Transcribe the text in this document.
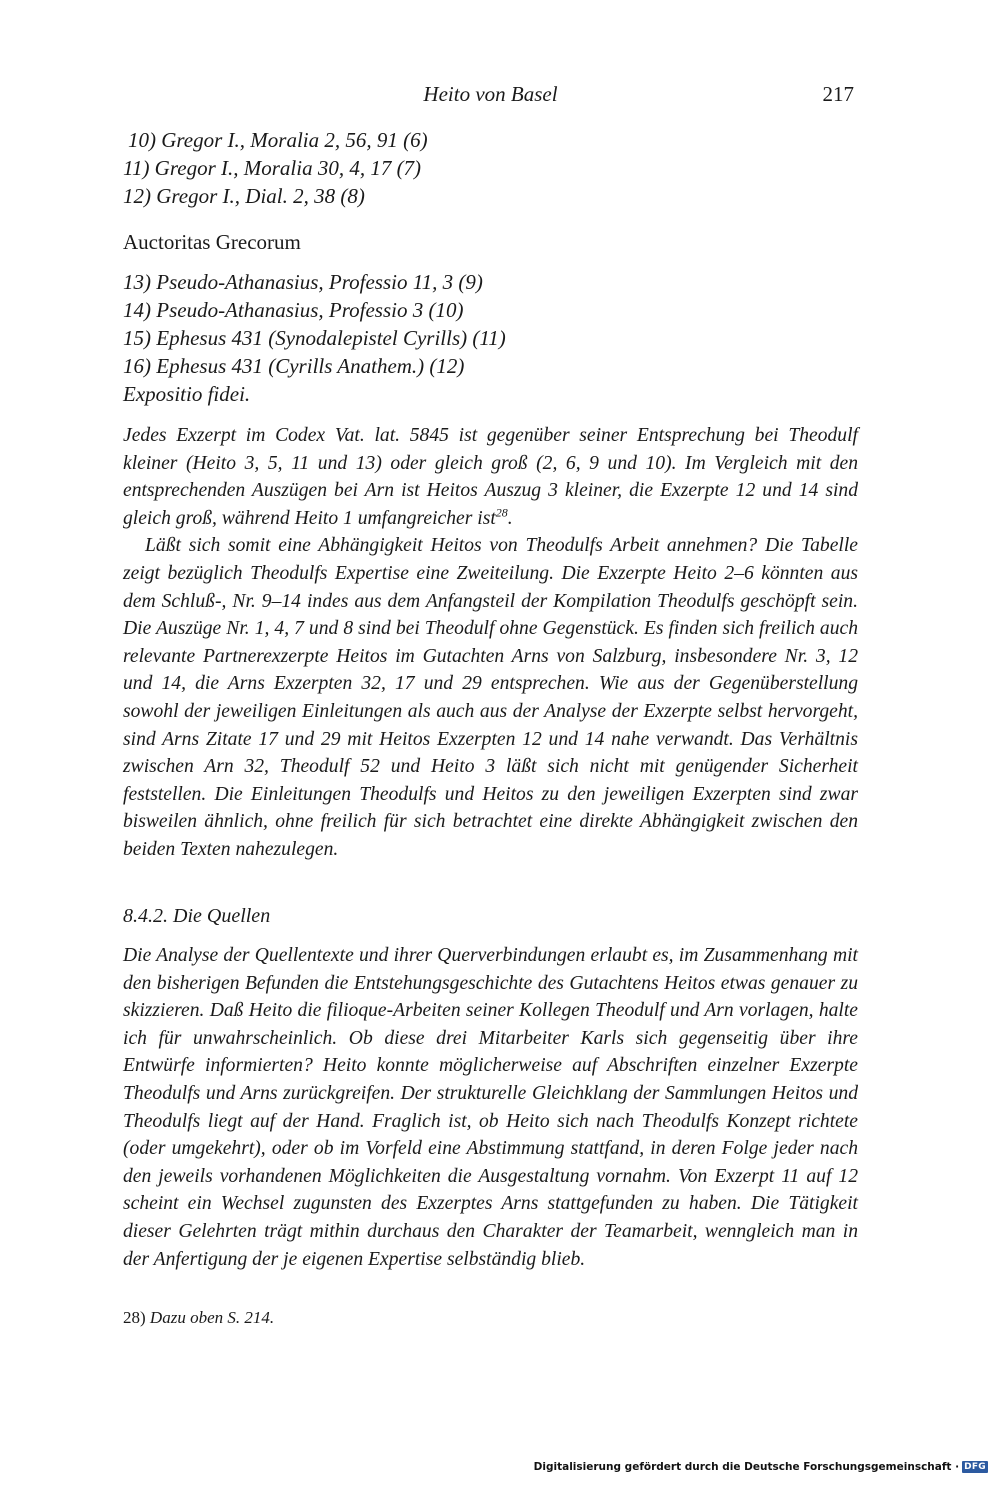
Heito von Basel	217
10) Gregor I., Moralia 2, 56, 91 (6)
11) Gregor I., Moralia 30, 4, 17 (7)
12) Gregor I., Dial. 2, 38 (8)
Auctoritas Grecorum
13) Pseudo-Athanasius, Professio 11, 3 (9)
14) Pseudo-Athanasius, Professio 3 (10)
15) Ephesus 431 (Synodalepistel Cyrills) (11)
16) Ephesus 431 (Cyrills Anathem.) (12)
Expositio fidei.

Jedes Exzerpt im Codex Vat. lat. 5845 ist gegenüber seiner Entsprechung bei Theodulf kleiner (Heito 3, 5, 11 und 13) oder gleich groß (2, 6, 9 und 10). Im Vergleich mit den entsprechenden Auszügen bei Arn ist Heitos Auszug 3 kleiner, die Exzerpte 12 und 14 sind gleich groß, während Heito 1 umfangreicher ist$^{28}$.

Läßt sich somit eine Abhängigkeit Heitos von Theodulfs Arbeit annehmen? Die Tabelle zeigt bezüglich Theodulfs Expertise eine Zweiteilung. Die Exzerpte Heito 2–6 könnten aus dem Schluß-, Nr. 9–14 indes aus dem Anfangsteil der Kompilation Theodulfs geschöpft sein. Die Auszüge Nr. 1, 4, 7 und 8 sind bei Theodulf ohne Gegenstück. Es finden sich freilich auch relevante Partnerexzerpte Heitos im Gutachten Arns von Salzburg, insbesondere Nr. 3, 12 und 14, die Arns Exzerpten 32, 17 und 29 entsprechen. Wie aus der Gegenüberstellung sowohl der jeweiligen Einleitungen als auch aus der Analyse der Exzerpte selbst hervorgeht, sind Arns Zitate 17 und 29 mit Heitos Exzerpten 12 und 14 nahe verwandt. Das Verhältnis zwischen Arn 32, Theodulf 52 und Heito 3 läßt sich nicht mit genügender Sicherheit feststellen. Die Einleitungen Theodulfs und Heitos zu den jeweiligen Exzerpten sind zwar bisweilen ähnlich, ohne freilich für sich betrachtet eine direkte Abhängigkeit zwischen den beiden Texten nahezulegen.

8.4.2. Die Quellen

Die Analyse der Quellentexte und ihrer Querverbindungen erlaubt es, im Zusammenhang mit den bisherigen Befunden die Entstehungsgeschichte des Gutachtens Heitos etwas genauer zu skizzieren. Daß Heito die filioque-Arbeiten seiner Kollegen Theodulf und Arn vorlagen, halte ich für unwahrscheinlich. Ob diese drei Mitarbeiter Karls sich gegenseitig über ihre Entwürfe informierten? Heito konnte möglicherweise auf Abschriften einzelner Exzerpte Theodulfs und Arns zurückgreifen. Der strukturelle Gleichklang der Sammlungen Heitos und Theodulfs liegt auf der Hand. Fraglich ist, ob Heito sich nach Theodulfs Konzept richtete (oder umgekehrt), oder ob im Vorfeld eine Abstimmung stattfand, in deren Folge jeder nach den jeweils vorhandenen Möglichkeiten die Ausgestaltung vornahm. Von Exzerpt 11 auf 12 scheint ein Wechsel zugunsten des Exzerptes Arns stattgefunden zu haben. Die Tätigkeit dieser Gelehrten trägt mithin durchaus den Charakter der Teamarbeit, wenngleich man in der Anfertigung der je eigenen Expertise selbständig blieb.

28) Dazu oben S. 214.
Digitalisierung gefördert durch die Deutsche Forschungsgemeinschaft · DFG
